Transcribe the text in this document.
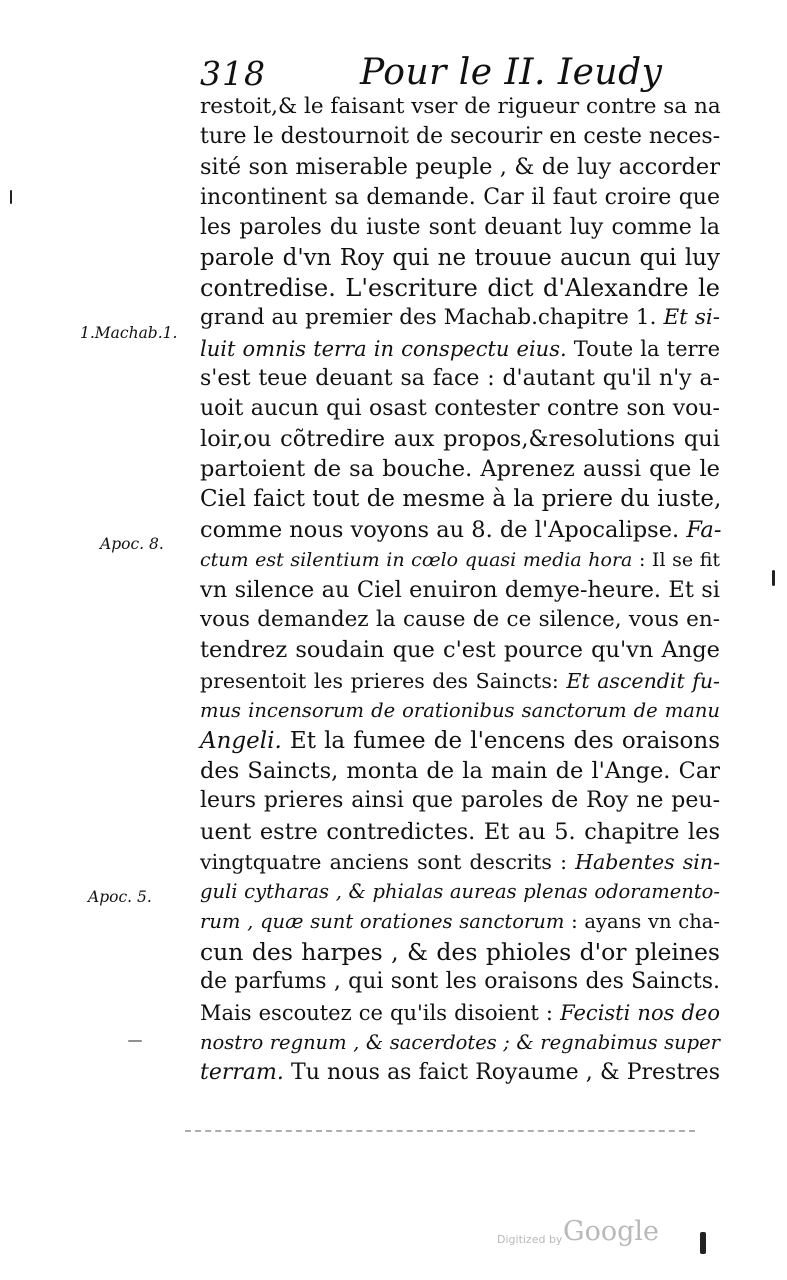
318	Pour le II. Ieudy
restoit,& le faisant vser de rigueur contre sa na
ture le destournoit de secourir en ceste neces-
sité son miserable peuple , & de luy accorder
incontinent sa demande. Car il faut croire que
les paroles du iuste sont deuant luy comme la
parole d'vn Roy qui ne trouue aucun qui luy
contredise. L'escriture dict d'Alexandre le
grand au premier des Machab.chapitre 1. Et si-
luit omnis terra in conspectu eius. Toute la terre
s'est teue deuant sa face : d'autant qu'il n'y a-
uoit aucun qui osast contester contre son vou-
loir,ou cõtredire aux propos,&resolutions qui
partoient de sa bouche. Aprenez aussi que le
Ciel faict tout de mesme à la priere du iuste,
comme nous voyons au 8. de l'Apocalipse. Fa-
ctum est silentium in cœlo quasi media hora : Il se fit
vn silence au Ciel enuiron demye-heure. Et si
vous demandez la cause de ce silence, vous en-
tendrez soudain que c'est pource qu'vn Ange
presentoit les prieres des Saincts: Et ascendit fu-
mus incensorum de orationibus sanctorum de manu
Angeli. Et la fumee de l'encens des oraisons
des Saincts, monta de la main de l'Ange. Car
leurs prieres ainsi que paroles de Roy ne peu-
uent estre contredictes. Et au 5. chapitre les
vingtquatre anciens sont descrits : Habentes sin-
guli cytharas , & phialas aureas plenas odoramento-
rum , quæ sunt orationes sanctorum : ayans vn cha-
cun des harpes , & des phioles d'or pleines
de parfums , qui sont les oraisons des Saincts.
Mais escoutez ce qu'ils disoient : Fecisti nos deo
nostro regnum , & sacerdotes ; & regnabimus super
terram. Tu nous as faict Royaume , & Prestres
1.Machab.1.
Apoc. 8.
Apoc. 5.
Digitized by Google
